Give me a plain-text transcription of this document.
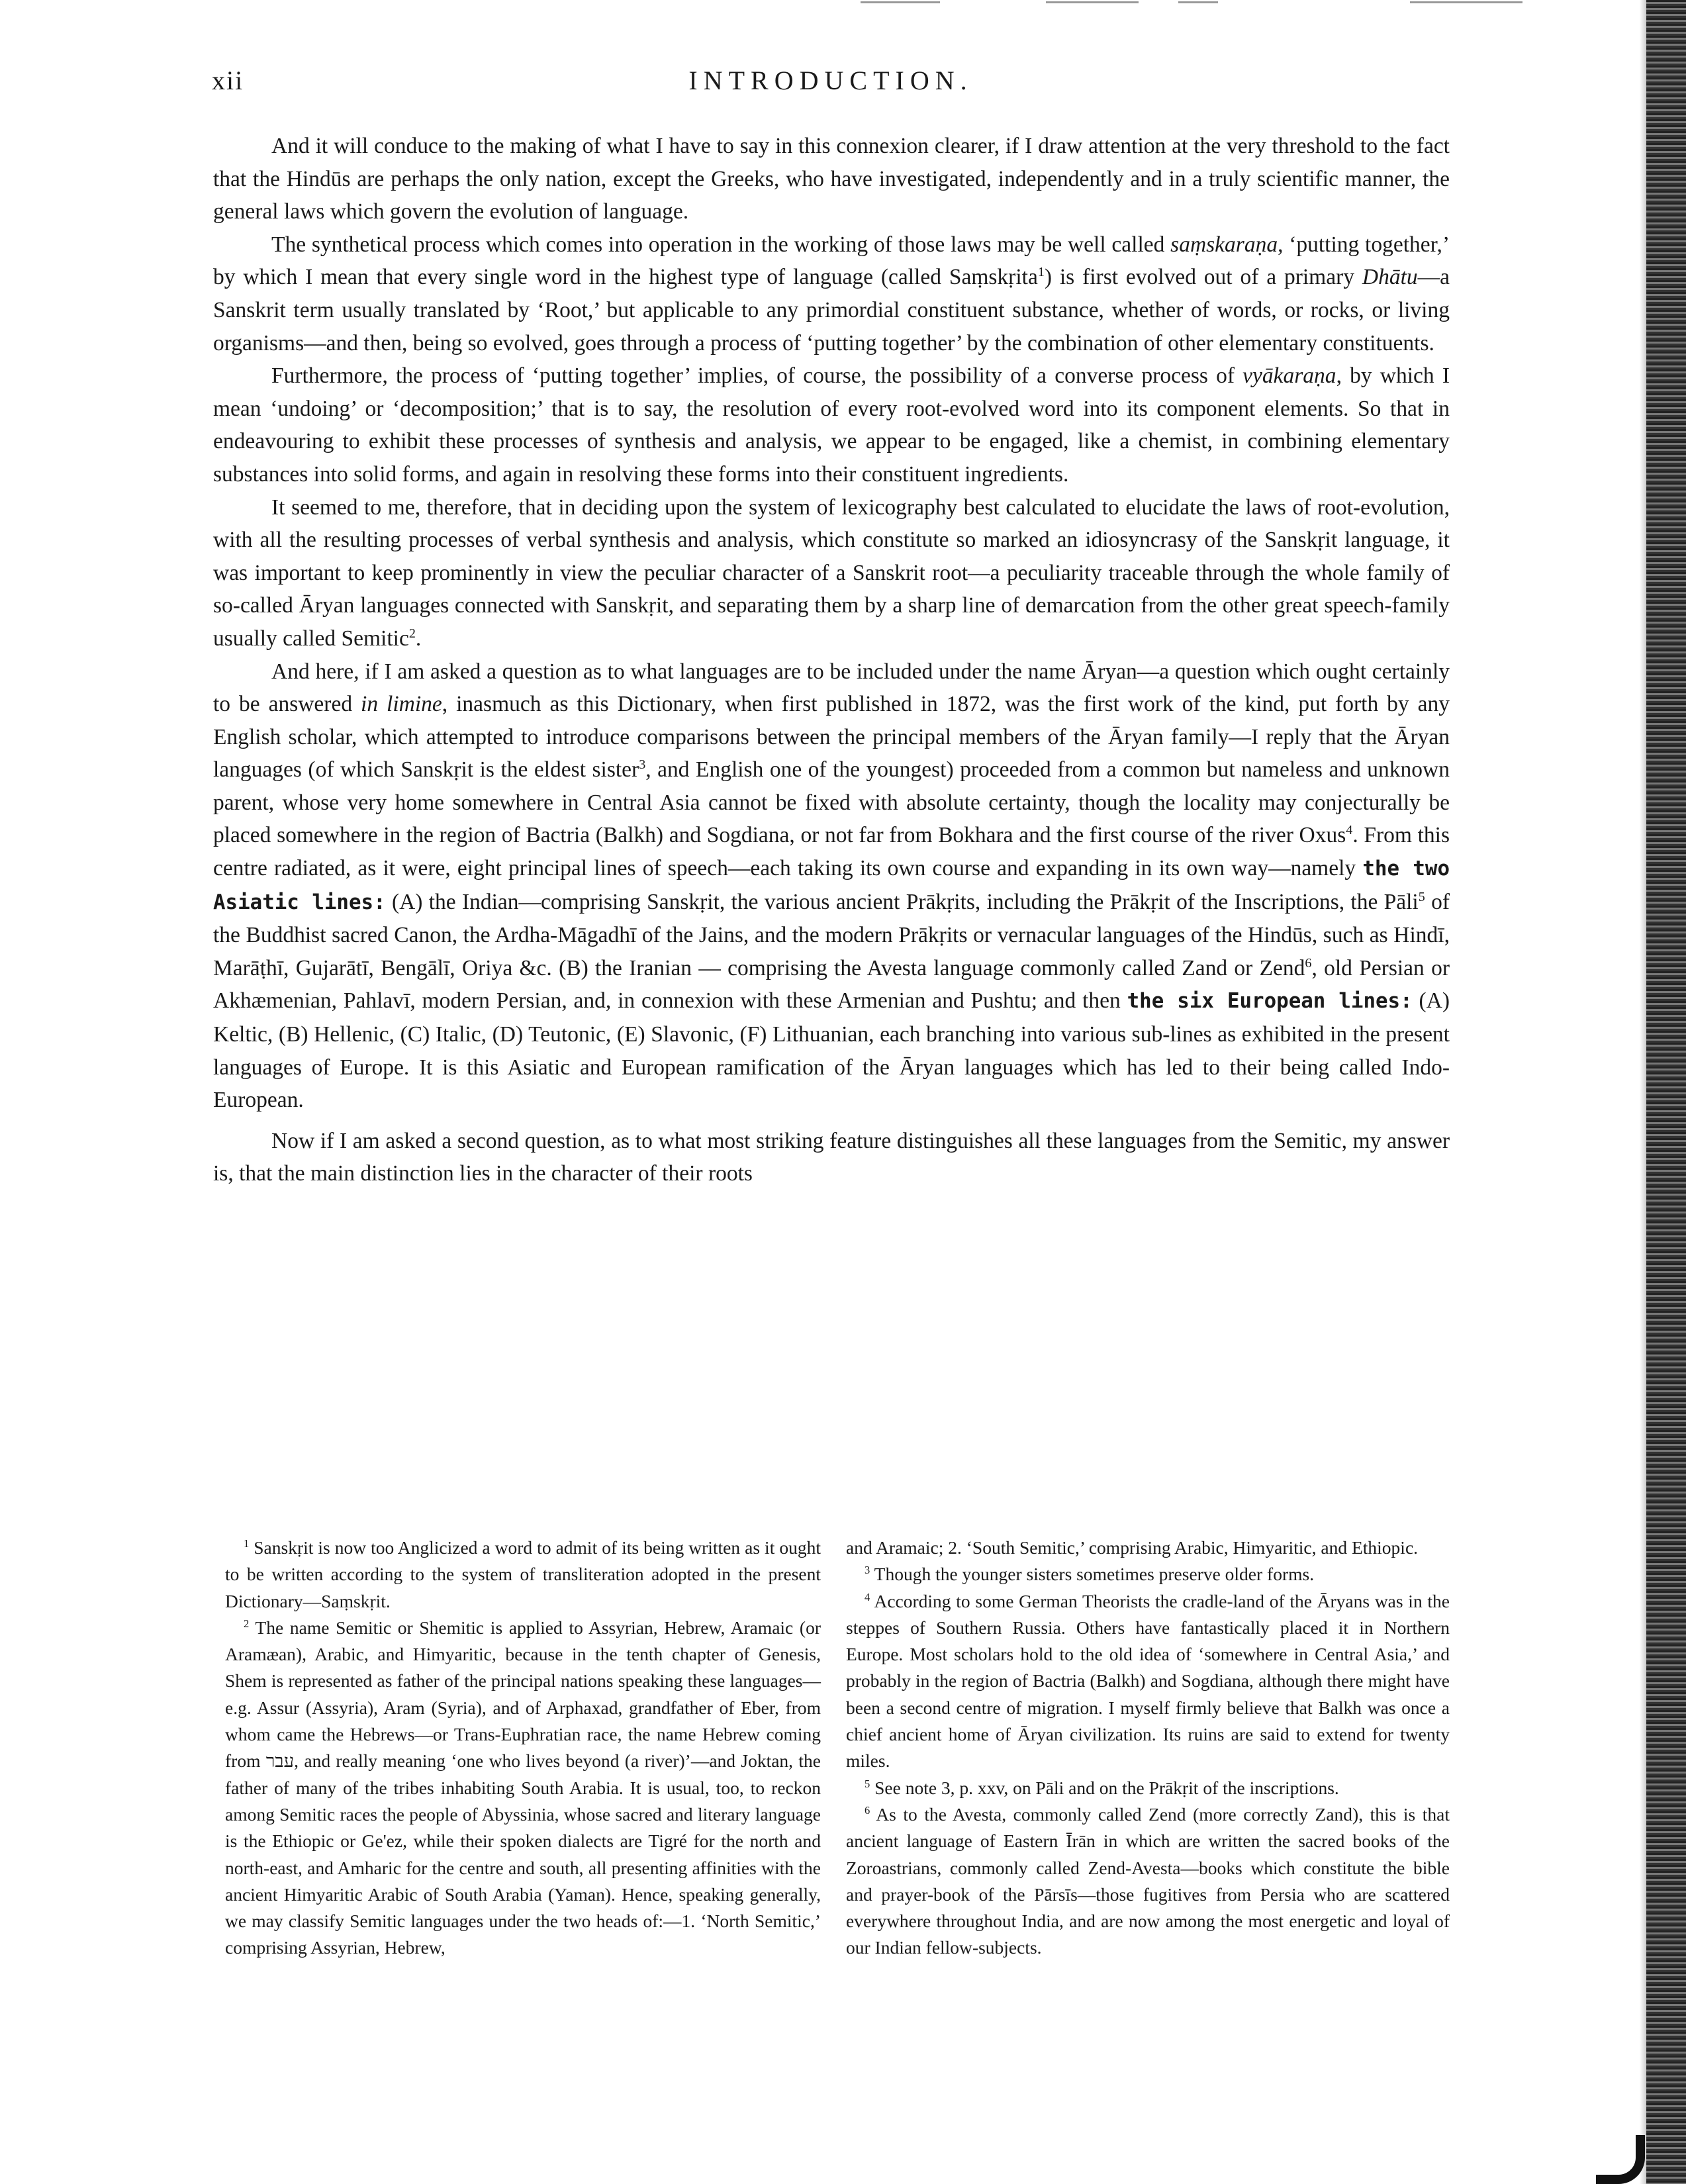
xii	INTRODUCTION.

And it will conduce to the making of what I have to say in this connexion clearer, if I draw attention at the very threshold to the fact that the Hindūs are perhaps the only nation, except the Greeks, who have investigated, independently and in a truly scientific manner, the general laws which govern the evolution of language.

The synthetical process which comes into operation in the working of those laws may be well called saṃskaraṇa, ‘putting together,’ by which I mean that every single word in the highest type of language (called Saṃskṛita$^1$) is first evolved out of a primary Dhātu—a Sanskrit term usually translated by ‘Root,’ but applicable to any primordial constituent substance, whether of words, or rocks, or living organisms—and then, being so evolved, goes through a process of ‘putting together’ by the combination of other elementary constituents.

Furthermore, the process of ‘putting together’ implies, of course, the possibility of a converse process of vyākaraṇa, by which I mean ‘undoing’ or ‘decomposition;’ that is to say, the resolution of every root-evolved word into its component elements. So that in endeavouring to exhibit these processes of synthesis and analysis, we appear to be engaged, like a chemist, in combining elementary substances into solid forms, and again in resolving these forms into their constituent ingredients.

It seemed to me, therefore, that in deciding upon the system of lexicography best calculated to elucidate the laws of root-evolution, with all the resulting processes of verbal synthesis and analysis, which constitute so marked an idiosyncrasy of the Sanskṛit language, it was important to keep prominently in view the peculiar character of a Sanskrit root—a peculiarity traceable through the whole family of so-called Āryan languages connected with Sanskṛit, and separating them by a sharp line of demarcation from the other great speech-family usually called Semitic$^2$.

And here, if I am asked a question as to what languages are to be included under the name Āryan—a question which ought certainly to be answered in limine, inasmuch as this Dictionary, when first published in 1872, was the first work of the kind, put forth by any English scholar, which attempted to introduce comparisons between the principal members of the Āryan family—I reply that the Āryan languages (of which Sanskṛit is the eldest sister$^3$, and English one of the youngest) proceeded from a common but nameless and unknown parent, whose very home somewhere in Central Asia cannot be fixed with absolute certainty, though the locality may conjecturally be placed somewhere in the region of Bactria (Balkh) and Sogdiana, or not far from Bokhara and the first course of the river Oxus$^4$. From this centre radiated, as it were, eight principal lines of speech—each taking its own course and expanding in its own way—namely the two Asiatic lines: (A) the Indian—comprising Sanskṛit, the various ancient Prākṛits, including the Prākṛit of the Inscriptions, the Pāli$^5$ of the Buddhist sacred Canon, the Ardha-Māgadhī of the Jains, and the modern Prākṛits or vernacular languages of the Hindūs, such as Hindī, Marāṭhī, Gujarātī, Bengālī, Oriya &c. (B) the Iranian — comprising the Avesta language commonly called Zand or Zend$^6$, old Persian or Akhæmenian, Pahlavī, modern Persian, and, in connexion with these Armenian and Pushtu; and then the six European lines: (A) Keltic, (B) Hellenic, (C) Italic, (D) Teutonic, (E) Slavonic, (F) Lithuanian, each branching into various sub-lines as exhibited in the present languages of Europe. It is this Asiatic and European ramification of the Āryan languages which has led to their being called Indo-European.

Now if I am asked a second question, as to what most striking feature distinguishes all these languages from the Semitic, my answer is, that the main distinction lies in the character of their roots

$^1$ Sanskṛit is now too Anglicized a word to admit of its being written as it ought to be written according to the system of transliteration adopted in the present Dictionary—Saṃskṛit.

$^2$ The name Semitic or Shemitic is applied to Assyrian, Hebrew, Aramaic (or Aramæan), Arabic, and Himyaritic, because in the tenth chapter of Genesis, Shem is represented as father of the principal nations speaking these languages—e.g. Assur (Assyria), Aram (Syria), and of Arphaxad, grandfather of Eber, from whom came the Hebrews—or Trans-Euphratian race, the name Hebrew coming from עבר, and really meaning ‘one who lives beyond (a river)’—and Joktan, the father of many of the tribes inhabiting South Arabia. It is usual, too, to reckon among Semitic races the people of Abyssinia, whose sacred and literary language is the Ethiopic or Ge'ez, while their spoken dialects are Tigré for the north and north-east, and Amharic for the centre and south, all presenting affinities with the ancient Himyaritic Arabic of South Arabia (Yaman). Hence, speaking generally, we may classify Semitic languages under the two heads of:—1. ‘North Semitic,’ comprising Assyrian, Hebrew,

and Aramaic; 2. ‘South Semitic,’ comprising Arabic, Himyaritic, and Ethiopic.

$^3$ Though the younger sisters sometimes preserve older forms.

$^4$ According to some German Theorists the cradle-land of the Āryans was in the steppes of Southern Russia. Others have fantastically placed it in Northern Europe. Most scholars hold to the old idea of ‘somewhere in Central Asia,’ and probably in the region of Bactria (Balkh) and Sogdiana, although there might have been a second centre of migration. I myself firmly believe that Balkh was once a chief ancient home of Āryan civilization. Its ruins are said to extend for twenty miles.

$^5$ See note 3, p. xxv, on Pāli and on the Prākṛit of the inscriptions.

$^6$ As to the Avesta, commonly called Zend (more correctly Zand), this is that ancient language of Eastern Īrān in which are written the sacred books of the Zoroastrians, commonly called Zend-Avesta—books which constitute the bible and prayer-book of the Pārsīs—those fugitives from Persia who are scattered everywhere throughout India, and are now among the most energetic and loyal of our Indian fellow-subjects.
